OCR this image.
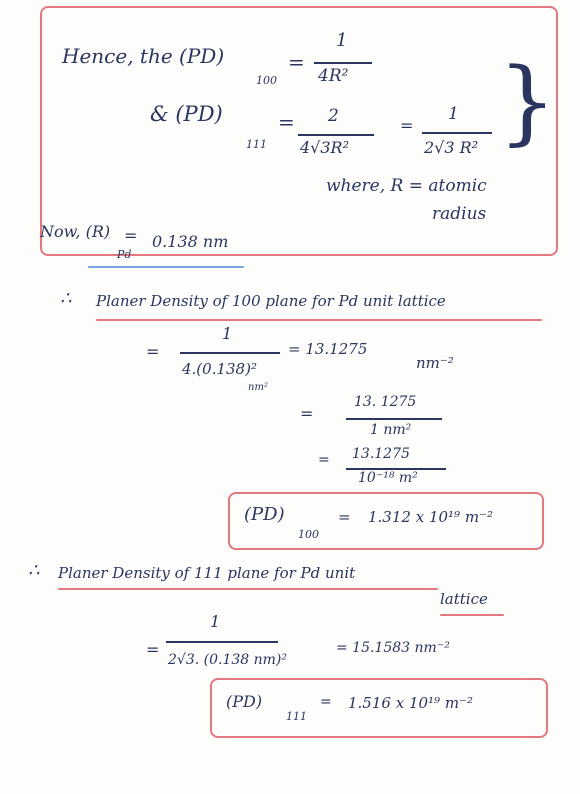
Hence, the (PD)
100
=
1
4R²
& (PD)
111
= 2
4√3R²
=
1
2√3 R² }
where, R = atomic
radius
Now, (R)
Pd
= 0.138 nm
∴ Planer Density of 100 plane for Pd unit lattice
=
1
4.(0.138)²
nm²
= 13.1275
nm⁻²
=
13. 1275
1 nm²
= 13.1275
10⁻¹⁸ m²
(PD)
100
= 1.312 x 10¹⁹ m⁻²
∴ Planer Density of 111 plane for Pd unit
lattice
=
1
2√3. (0.138 nm)²
= 15.1583 nm⁻²
(PD)
111
= 1.516 x 10¹⁹ m⁻²
